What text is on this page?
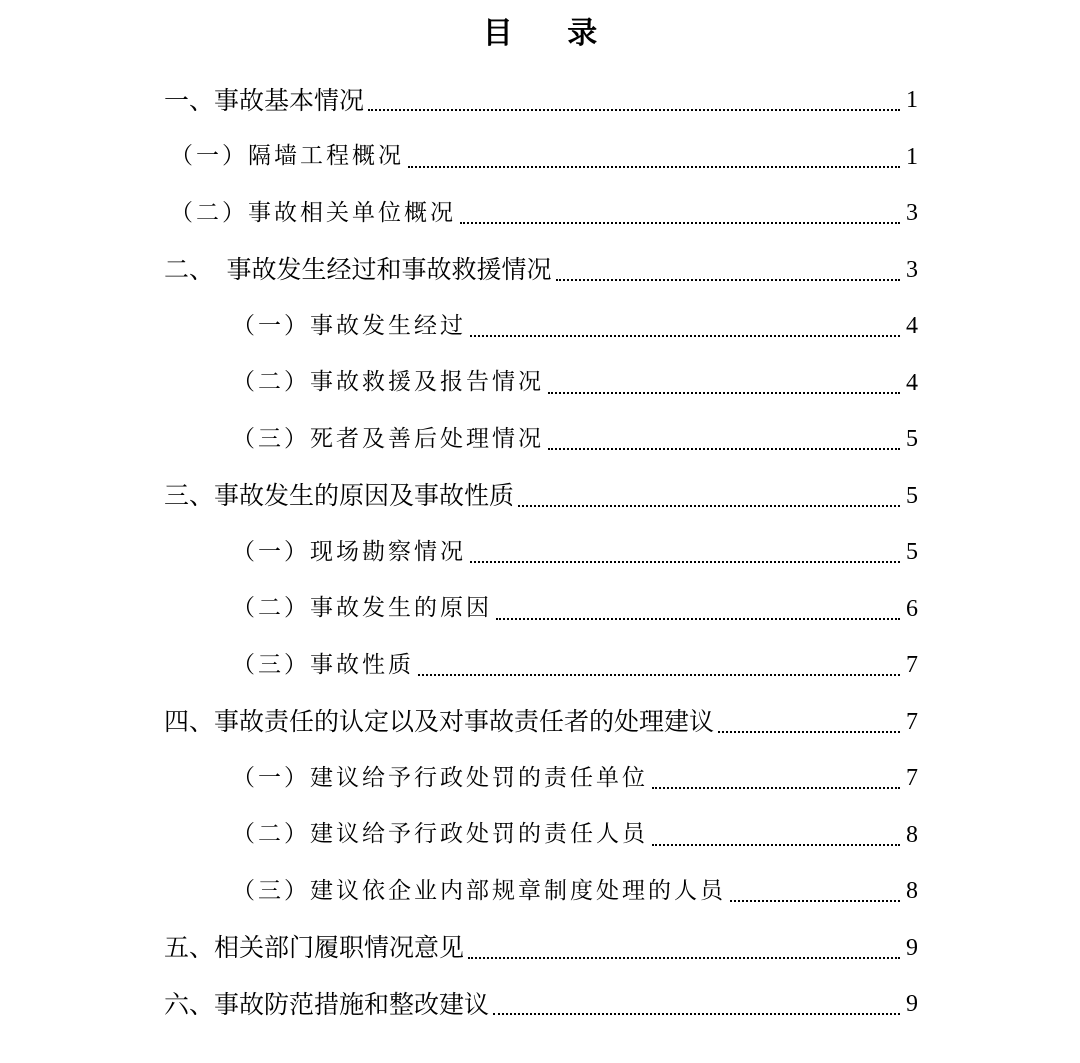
目 录
一、事故基本情况	1
（一）隔墙工程概况	1
（二）事故相关单位概况	3
二、　事故发生经过和事故救援情况	3
（一）事故发生经过	4
（二）事故救援及报告情况	4
（三）死者及善后处理情况	5
三、事故发生的原因及事故性质	5
（一）现场勘察情况	5
（二）事故发生的原因	6
（三）事故性质	7
四、事故责任的认定以及对事故责任者的处理建议	7
（一）建议给予行政处罚的责任单位	7
（二）建议给予行政处罚的责任人员	8
（三）建议依企业内部规章制度处理的人员	8
五、相关部门履职情况意见	9
六、事故防范措施和整改建议	9
